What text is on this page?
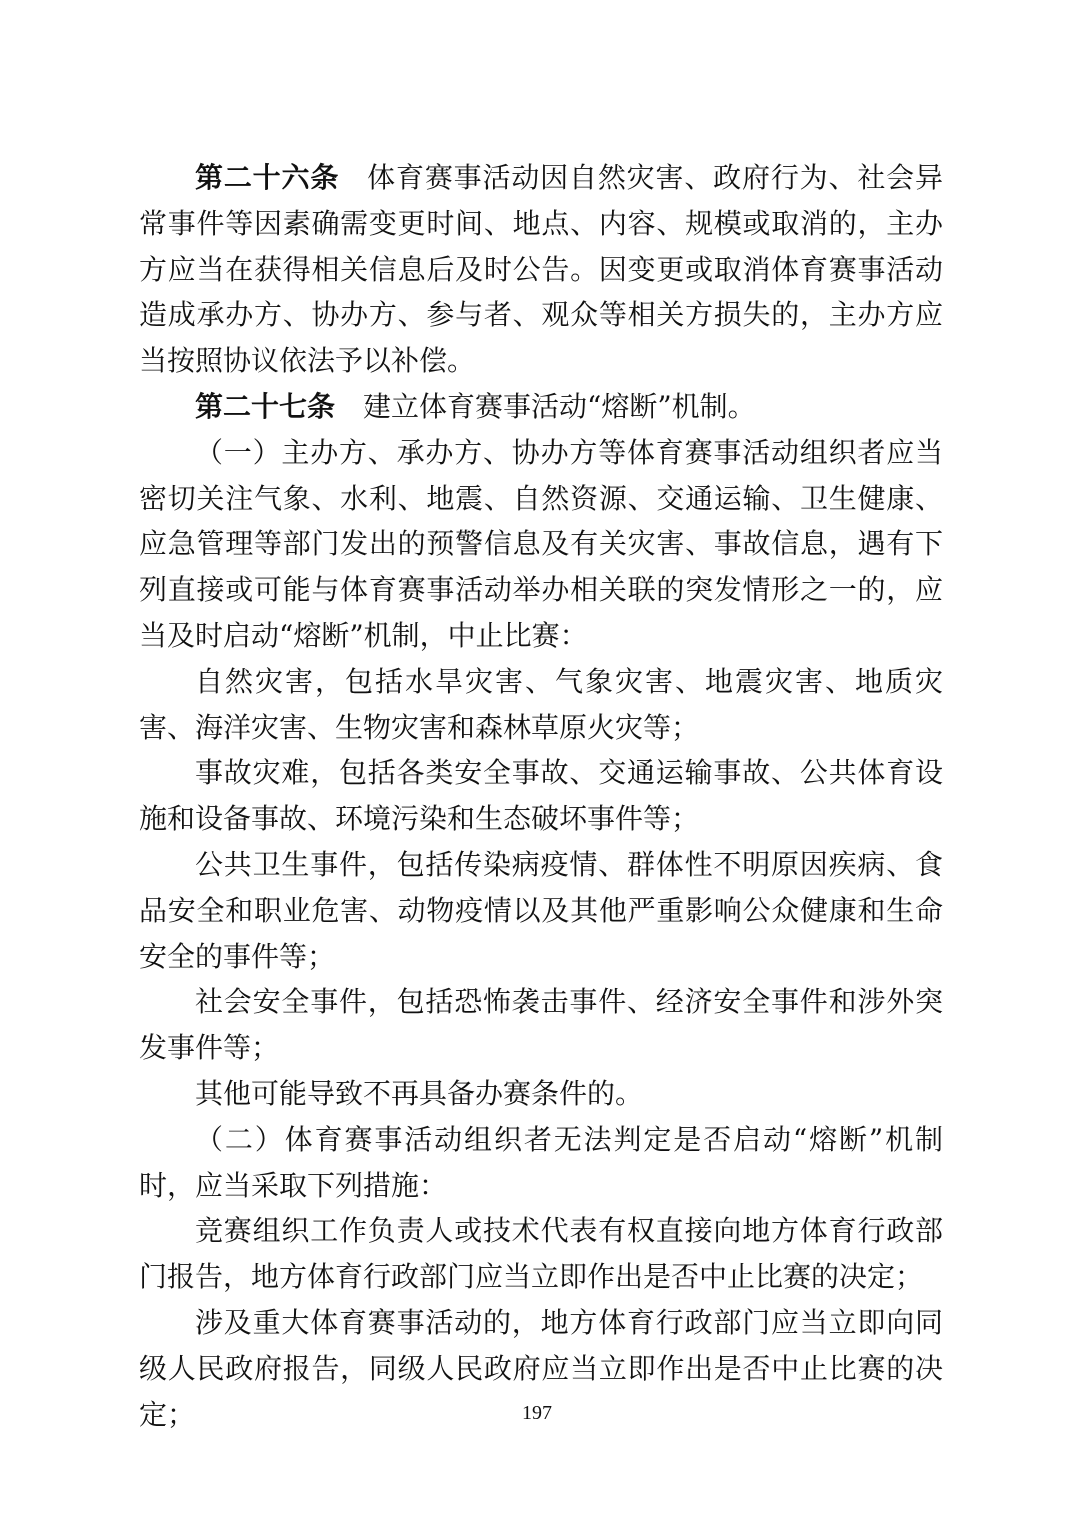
第二十六条 体育赛事活动因自然灾害、政府行为、社会异常事件等因素确需变更时间、地点、内容、规模或取消的，主办方应当在获得相关信息后及时公告。因变更或取消体育赛事活动造成承办方、协办方、参与者、观众等相关方损失的，主办方应当按照协议依法予以补偿。

第二十七条 建立体育赛事活动“熔断”机制。

（一）主办方、承办方、协办方等体育赛事活动组织者应当密切关注气象、水利、地震、自然资源、交通运输、卫生健康、应急管理等部门发出的预警信息及有关灾害、事故信息，遇有下列直接或可能与体育赛事活动举办相关联的突发情形之一的，应当及时启动“熔断”机制，中止比赛：

自然灾害，包括水旱灾害、气象灾害、地震灾害、地质灾害、海洋灾害、生物灾害和森林草原火灾等；

事故灾难，包括各类安全事故、交通运输事故、公共体育设施和设备事故、环境污染和生态破坏事件等；

公共卫生事件，包括传染病疫情、群体性不明原因疾病、食品安全和职业危害、动物疫情以及其他严重影响公众健康和生命安全的事件等；

社会安全事件，包括恐怖袭击事件、经济安全事件和涉外突发事件等；

其他可能导致不再具备办赛条件的。

（二）体育赛事活动组织者无法判定是否启动“熔断”机制时，应当采取下列措施：

竞赛组织工作负责人或技术代表有权直接向地方体育行政部门报告，地方体育行政部门应当立即作出是否中止比赛的决定；

涉及重大体育赛事活动的，地方体育行政部门应当立即向同级人民政府报告，同级人民政府应当立即作出是否中止比赛的决定；	197
